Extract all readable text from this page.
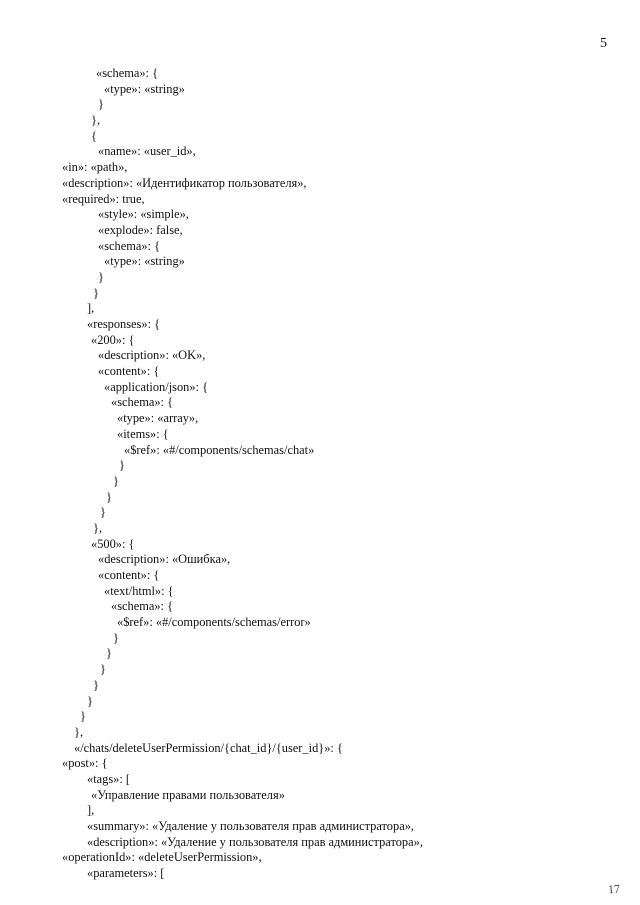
5
«schema»: {
«type»: «string»
}
},
{
«name»: «user_id»,
«in»: «path»,
«description»: «Идентификатор пользователя»,
«required»: true,
«style»: «simple»,
«explode»: false,
«schema»: {
«type»: «string»
}
}
],
«responses»: {
«200»: {
«description»: «OK»,
«content»: {
«application/json»: {
«schema»: {
«type»: «array»,
«items»: {
«$ref»: «#/components/schemas/chat»
}
}
}
}
},
«500»: {
«description»: «Ошибка»,
«content»: {
«text/html»: {
«schema»: {
«$ref»: «#/components/schemas/error»
}
}
}
}
}
}
},
«/chats/deleteUserPermission/{chat_id}/{user_id}»: {
«post»: {
«tags»: [
«Управление правами пользователя»
],
«summary»: «Удаление у пользователя прав администратора»,
«description»: «Удаление у пользователя прав администратора»,
«operationId»: «deleteUserPermission»,
«parameters»: [
17
